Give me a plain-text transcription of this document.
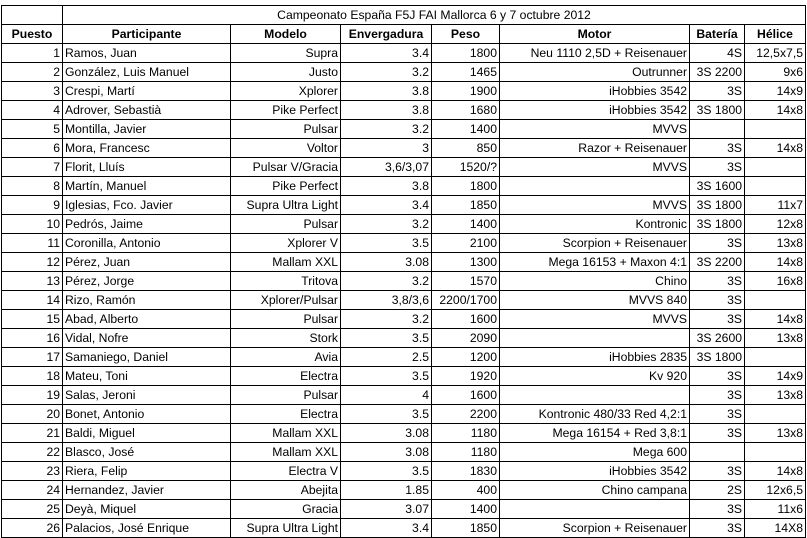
	Campeonato España F5J FAI Mallorca 6 y 7 octubre 2012						
Puesto	Participante	Modelo	Envergadura	Peso	Motor	Batería	Hélice
1	Ramos, Juan	Supra	3.4	1800	Neu 1110 2,5D + Reisenauer	4S	12,5x7,5
2	González, Luis Manuel	Justo	3.2	1465	Outrunner	3S 2200	9x6
3	Crespi, Martí	Xplorer	3.8	1900	iHobbies 3542	3S	14x9
4	Adrover, Sebastià	Pike Perfect	3.8	1680	iHobbies 3542	3S 1800	14x8
5	Montilla, Javier	Pulsar	3.2	1400	MVVS		
6	Mora, Francesc	Voltor	3	850	Razor + Reisenauer	3S	14x8
7	Florit, Lluís	Pulsar V/Gracia	3,6/3,07	1520/?	MVVS	3S	
8	Martín, Manuel	Pike Perfect	3.8	1800		3S 1600	
9	Iglesias, Fco. Javier	Supra Ultra Light	3.4	1850	MVVS	3S 1800	11x7
10	Pedrós, Jaime	Pulsar	3.2	1400	Kontronic	3S 1800	12x8
11	Coronilla, Antonio	Xplorer V	3.5	2100	Scorpion + Reisenauer	3S	13x8
12	Pérez, Juan	Mallam XXL	3.08	1300	Mega 16153 + Maxon 4:1	3S 2200	14x8
13	Pérez, Jorge	Tritova	3.2	1570	Chino	3S	16x8
14	Rizo, Ramón	Xplorer/Pulsar	3,8/3,6	2200/1700	MVVS 840	3S	
15	Abad, Alberto	Pulsar	3.2	1600	MVVS	3S	14x8
16	Vidal, Nofre	Stork	3.5	2090		3S 2600	13x8
17	Samaniego, Daniel	Avia	2.5	1200	iHobbies 2835	3S 1800	
18	Mateu, Toni	Electra	3.5	1920	Kv 920	3S	14x9
19	Salas, Jeroni	Pulsar	4	1600		3S	13x8
20	Bonet, Antonio	Electra	3.5	2200	Kontronic 480/33 Red 4,2:1	3S	
21	Baldi, Miguel	Mallam XXL	3.08	1180	Mega 16154 + Red 3,8:1	3S	13x8
22	Blasco, José	Mallam XXL	3.08	1180	Mega 600		
23	Riera, Felip	Electra V	3.5	1830	iHobbies 3542	3S	14x8
24	Hernandez, Javier	Abejita	1.85	400	Chino campana	2S	12x6,5
25	Deyà, Miquel	Gracia	3.07	1400		3S	11x6
26	Palacios, José Enrique	Supra Ultra Light	3.4	1850	Scorpion + Reisenauer	3S	14X8
